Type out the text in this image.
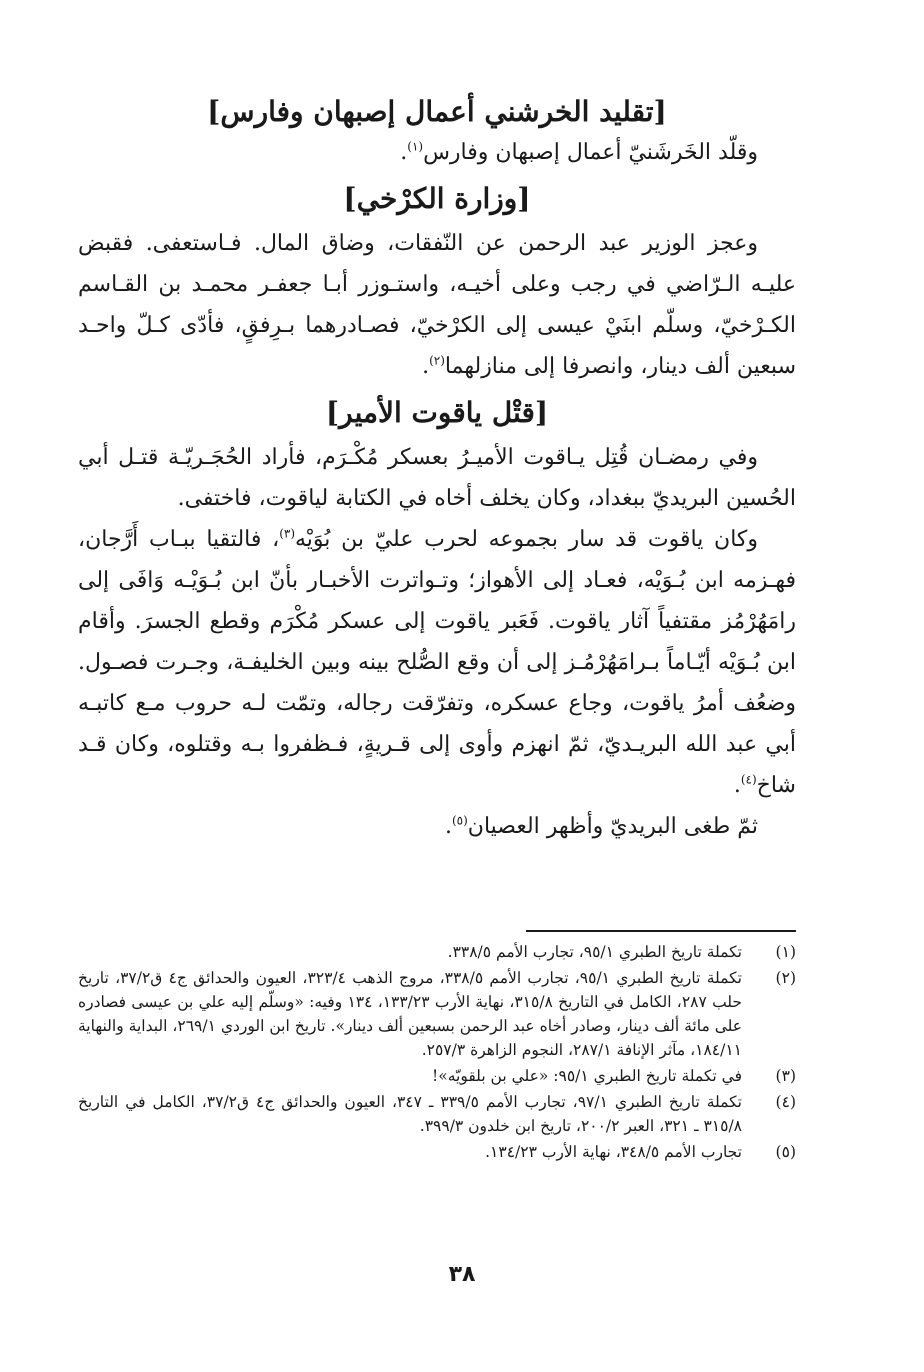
[تقليد الخرشني أعمال إصبهان وفارس]

وقلّد الخَرشَنيّ أعمال إصبهان وفارس$^{(١)}$.

[وزارة الكرْخي]

وعجز الوزير عبد الرحمن عن النّفقات، وضاق المال. فـاستعفى. فقبض عليـه الـرّاضي في رجب وعلى أخيـه، واستـوزر أبـا جعفـر محمـد بن القـاسم الكـرْخيّ، وسلّم ابنَيْ عيسى إلى الكرْخيّ، فصـادرهما بـرِفقٍ، فأدّى كـلّ واحـد سبعين ألف دينار، وانصرفا إلى منازلهما$^{(٢)}$.

[قتْل ياقوت الأمير]

وفي رمضـان قُتِل يـاقوت الأميـرُ بعسكر مُكْـرَم، فأراد الحُجَـريّـة قتـل أبي الحُسين البريديّ ببغداد، وكان يخلف أخاه في الكتابة لياقوت، فاختفى.

وكان ياقوت قد سار بجموعه لحرب عليّ بن بُوَيْه$^{(٣)}$، فالتقيا ببـاب أَرَّجان، فهـزمه ابن بُـوَيْه، فعـاد إلى الأهواز؛ وتـواترت الأخبـار بأنّ ابن بُـوَيْـه وَافَى إلى رامَهُرْمُز مقتفياً آثار ياقوت. فَعَبر ياقوت إلى عسكر مُكْرَم وقطع الجسرَ. وأقام ابن بُـوَيْه أيّـاماً بـرامَهُرْمُـز إلى أن وقع الصُّلح بينه وبين الخليفـة، وجـرت فصـول. وضعُف أمرُ ياقوت، وجاع عسكره، وتفرّقت رجاله، وتمّت لـه حروب مـع كاتبـه أبي عبد الله البريـديّ، ثمّ انهزم وأوى إلى قـريةٍ، فـظفروا بـه وقتلوه، وكان قـد شاخ$^{(٤)}$.

ثمّ طغى البريديّ وأظهر العصيان$^{(٥)}$.

(١)
تكملة تاريخ الطبري ٩٥/١، تجارب الأمم ٣٣٨/٥.
(٢)
تكملة تاريخ الطبري ٩٥/١، تجارب الأمم ٣٣٨/٥، مروج الذهب ٣٢٣/٤، العيون والحدائق ج٤ ق٣٧/٢، تاريخ حلب ٢٨٧، الكامل في التاريخ ٣١٥/٨، نهاية الأرب ١٣٣/٢٣، ١٣٤ وفيه: «وسلّم إليه علي بن عيسى فصادره على مائة ألف دينار، وصادر أخاه عبد الرحمن بسبعين ألف دينار». تاريخ ابن الوردي ٢٦٩/١، البداية والنهاية ١٨٤/١١، مآثر الإنافة ٢٨٧/١، النجوم الزاهرة ٢٥٧/٣.
(٣)
في تكملة تاريخ الطبري ٩٥/١: «علي بن بلقويّه»!
(٤)
تكملة تاريخ الطبري ٩٧/١، تجارب الأمم ٣٣٩/٥ ـ ٣٤٧، العيون والحدائق ج٤ ق٣٧/٢، الكامل في التاريخ ٣١٥/٨ ـ ٣٢١، العبر ٢٠٠/٢، تاريخ ابن خلدون ٣٩٩/٣.
(٥)
تجارب الأمم ٣٤٨/٥، نهاية الأرب ١٣٤/٢٣.
٣٨
